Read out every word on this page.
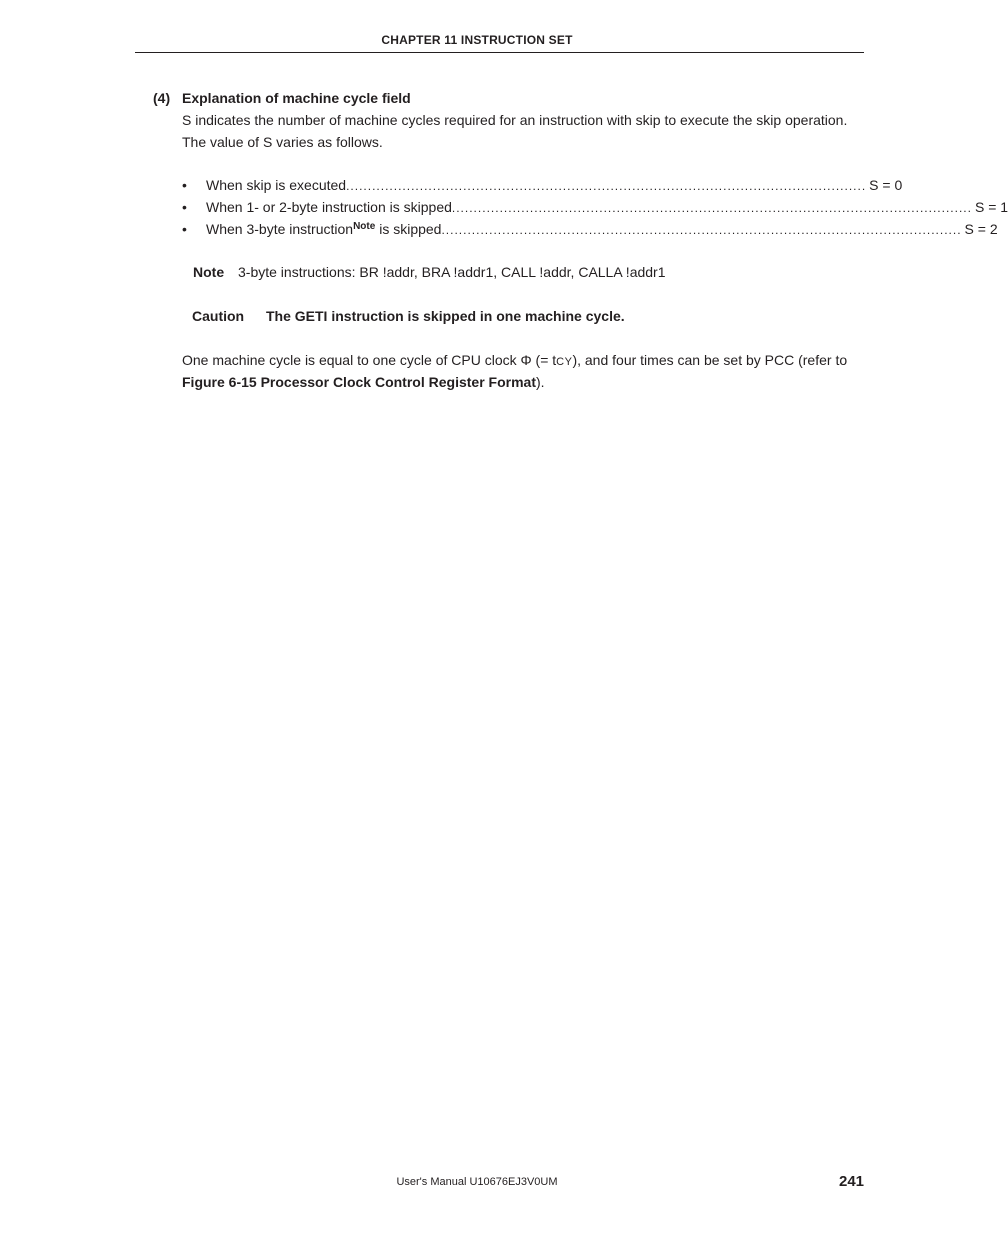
CHAPTER 11 INSTRUCTION SET
(4) Explanation of machine cycle field
S indicates the number of machine cycles required for an instruction with skip to execute the skip operation.
The value of S varies as follows.
•	When skip is executed ........................................................................................................................ S = 0
•	When 1- or 2-byte instruction is skipped ........................................................................................................................ S = 1
•	When 3-byte instruction$^{Note}$ is skipped ........................................................................................................................ S = 2
Note 3-byte instructions: BR !addr, BRA !addr1, CALL !addr, CALLA !addr1
Caution The GETI instruction is skipped in one machine cycle.
One machine cycle is equal to one cycle of CPU clock Φ (= tCY), and four times can be set by PCC (refer to
Figure 6-15 Processor Clock Control Register Format).
User's Manual U10676EJ3V0UM	241
